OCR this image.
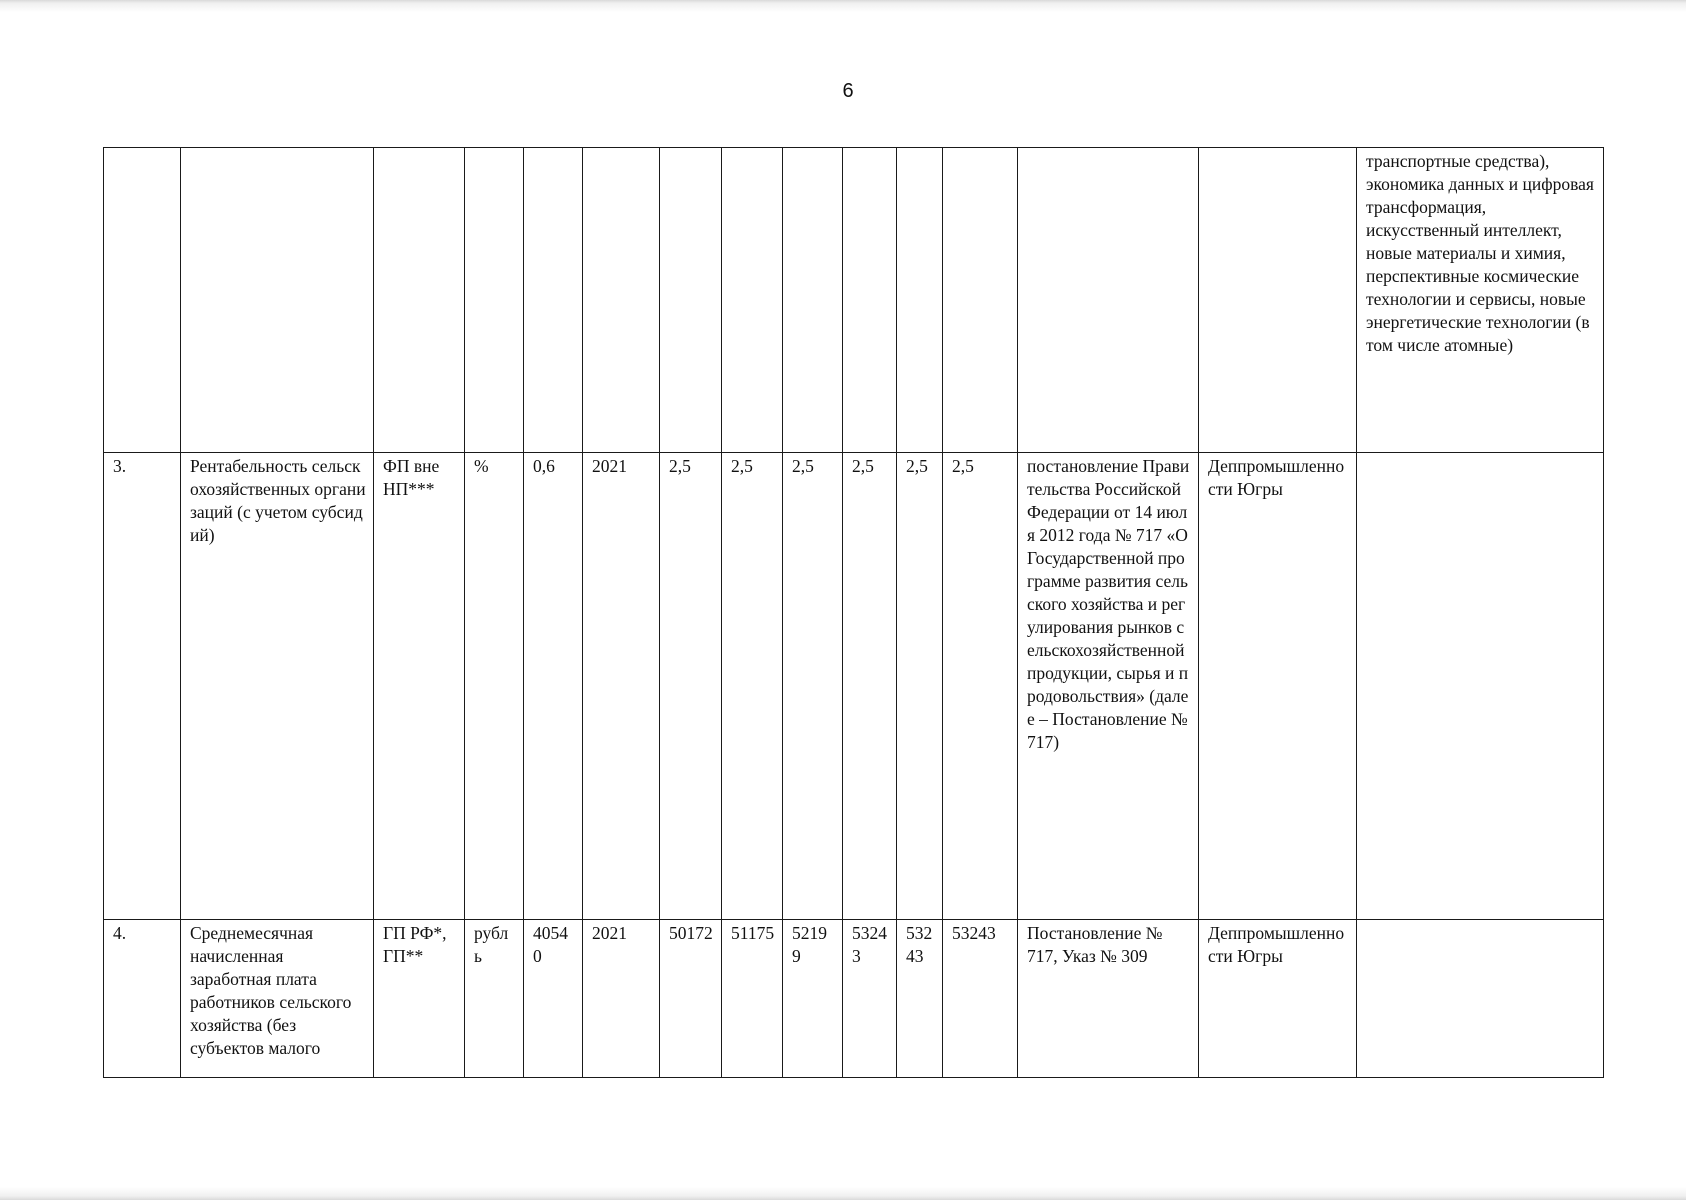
6
														транспортные средства), экономика данных и цифровая трансформация, искусственный интеллект, новые материалы и химия, перспективные космические технологии и сервисы, новые энергетические технологии (в том числе атомные)
3.	Рентабельность сельскохозяйственных организаций (с учетом субсидий)	ФП вне НП***	%	0,6	2021	2,5	2,5	2,5	2,5	2,5	2,5	постановление Правительства Российской Федерации от 14 июля 2012 года № 717 «О Государственной программе развития сельского хозяйства и регулирования рынков сельскохозяйственной продукции, сырья и продовольствия» (далее – Постановление № 717)	Деппромышленности Югры	
4.	Среднемесячная начисленная заработная плата работников сельского хозяйства (без субъектов малого	ГП РФ*, ГП**	рубль	40540	2021	50172	51175	52199	53243	53243	53243	Постановление № 717, Указ № 309	Деппромышленности Югры	
